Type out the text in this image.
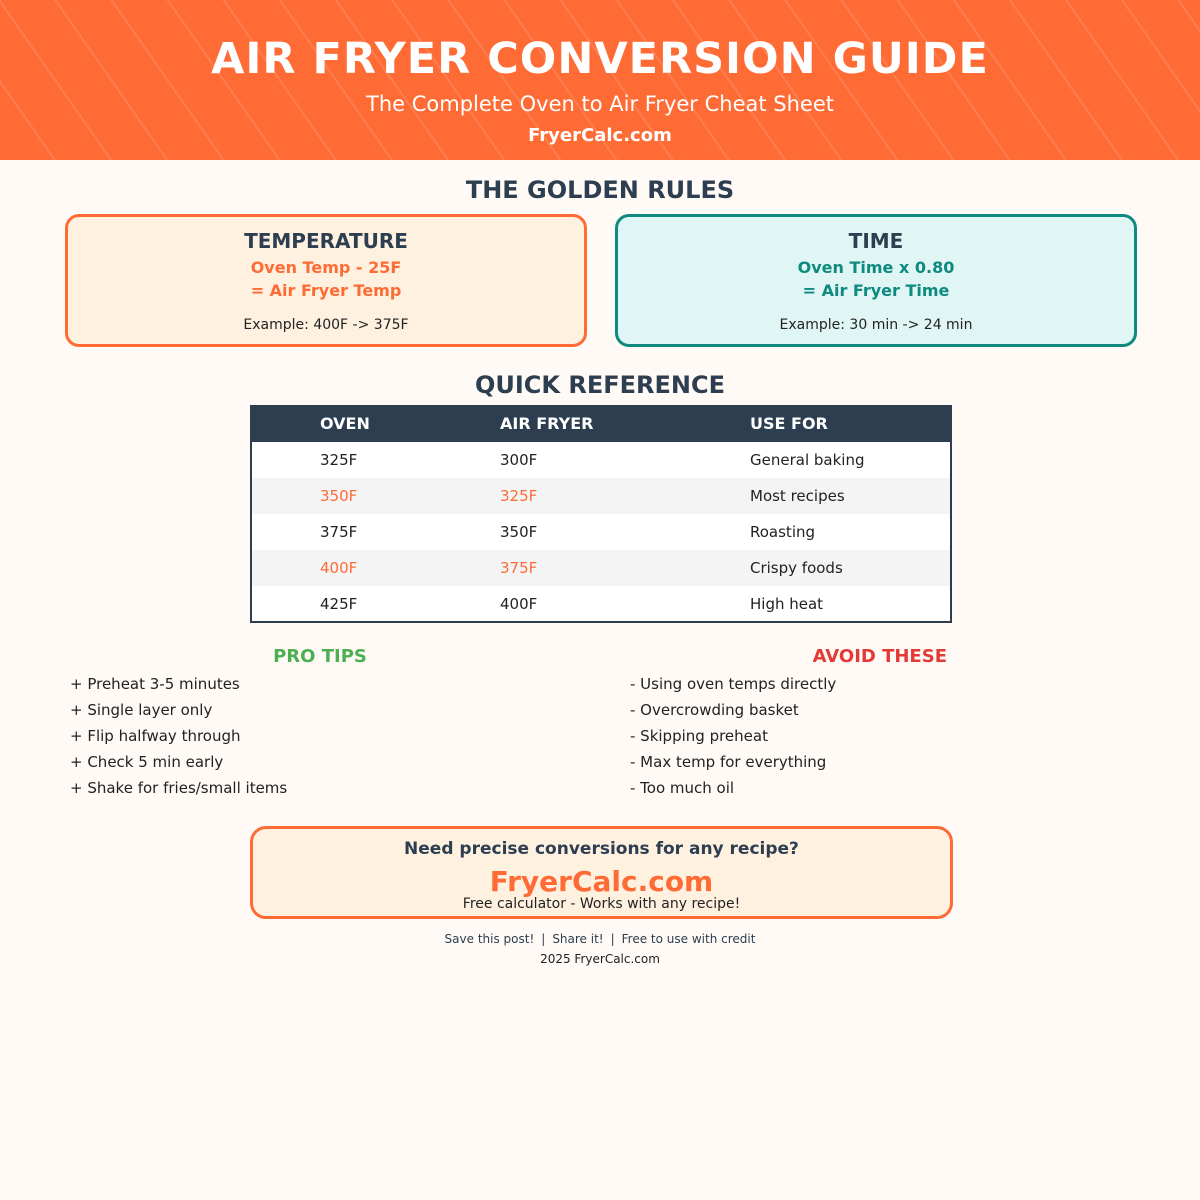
AIR FRYER CONVERSION GUIDE
The Complete Oven to Air Fryer Cheat Sheet
FryerCalc.com
THE GOLDEN RULES
TEMPERATURE
Oven Temp - 25F
= Air Fryer Temp
Example: 400F -> 375F
TIME
Oven Time x 0.80
= Air Fryer Time
Example: 30 min -> 24 min
QUICK REFERENCE
OVEN	AIR FRYER	USE FOR
325F	300F	General baking
350F	325F	Most recipes
375F	350F	Roasting
400F	375F	Crispy foods
425F	400F	High heat
PRO TIPS
+ Preheat 3-5 minutes
+ Single layer only
+ Flip halfway through
+ Check 5 min early
+ Shake for fries/small items
AVOID THESE
- Using oven temps directly
- Overcrowding basket
- Skipping preheat
- Max temp for everything
- Too much oil
Need precise conversions for any recipe?
FryerCalc.com
Free calculator - Works with any recipe!
Save this post! | Share it! | Free to use with credit
2025 FryerCalc.com
